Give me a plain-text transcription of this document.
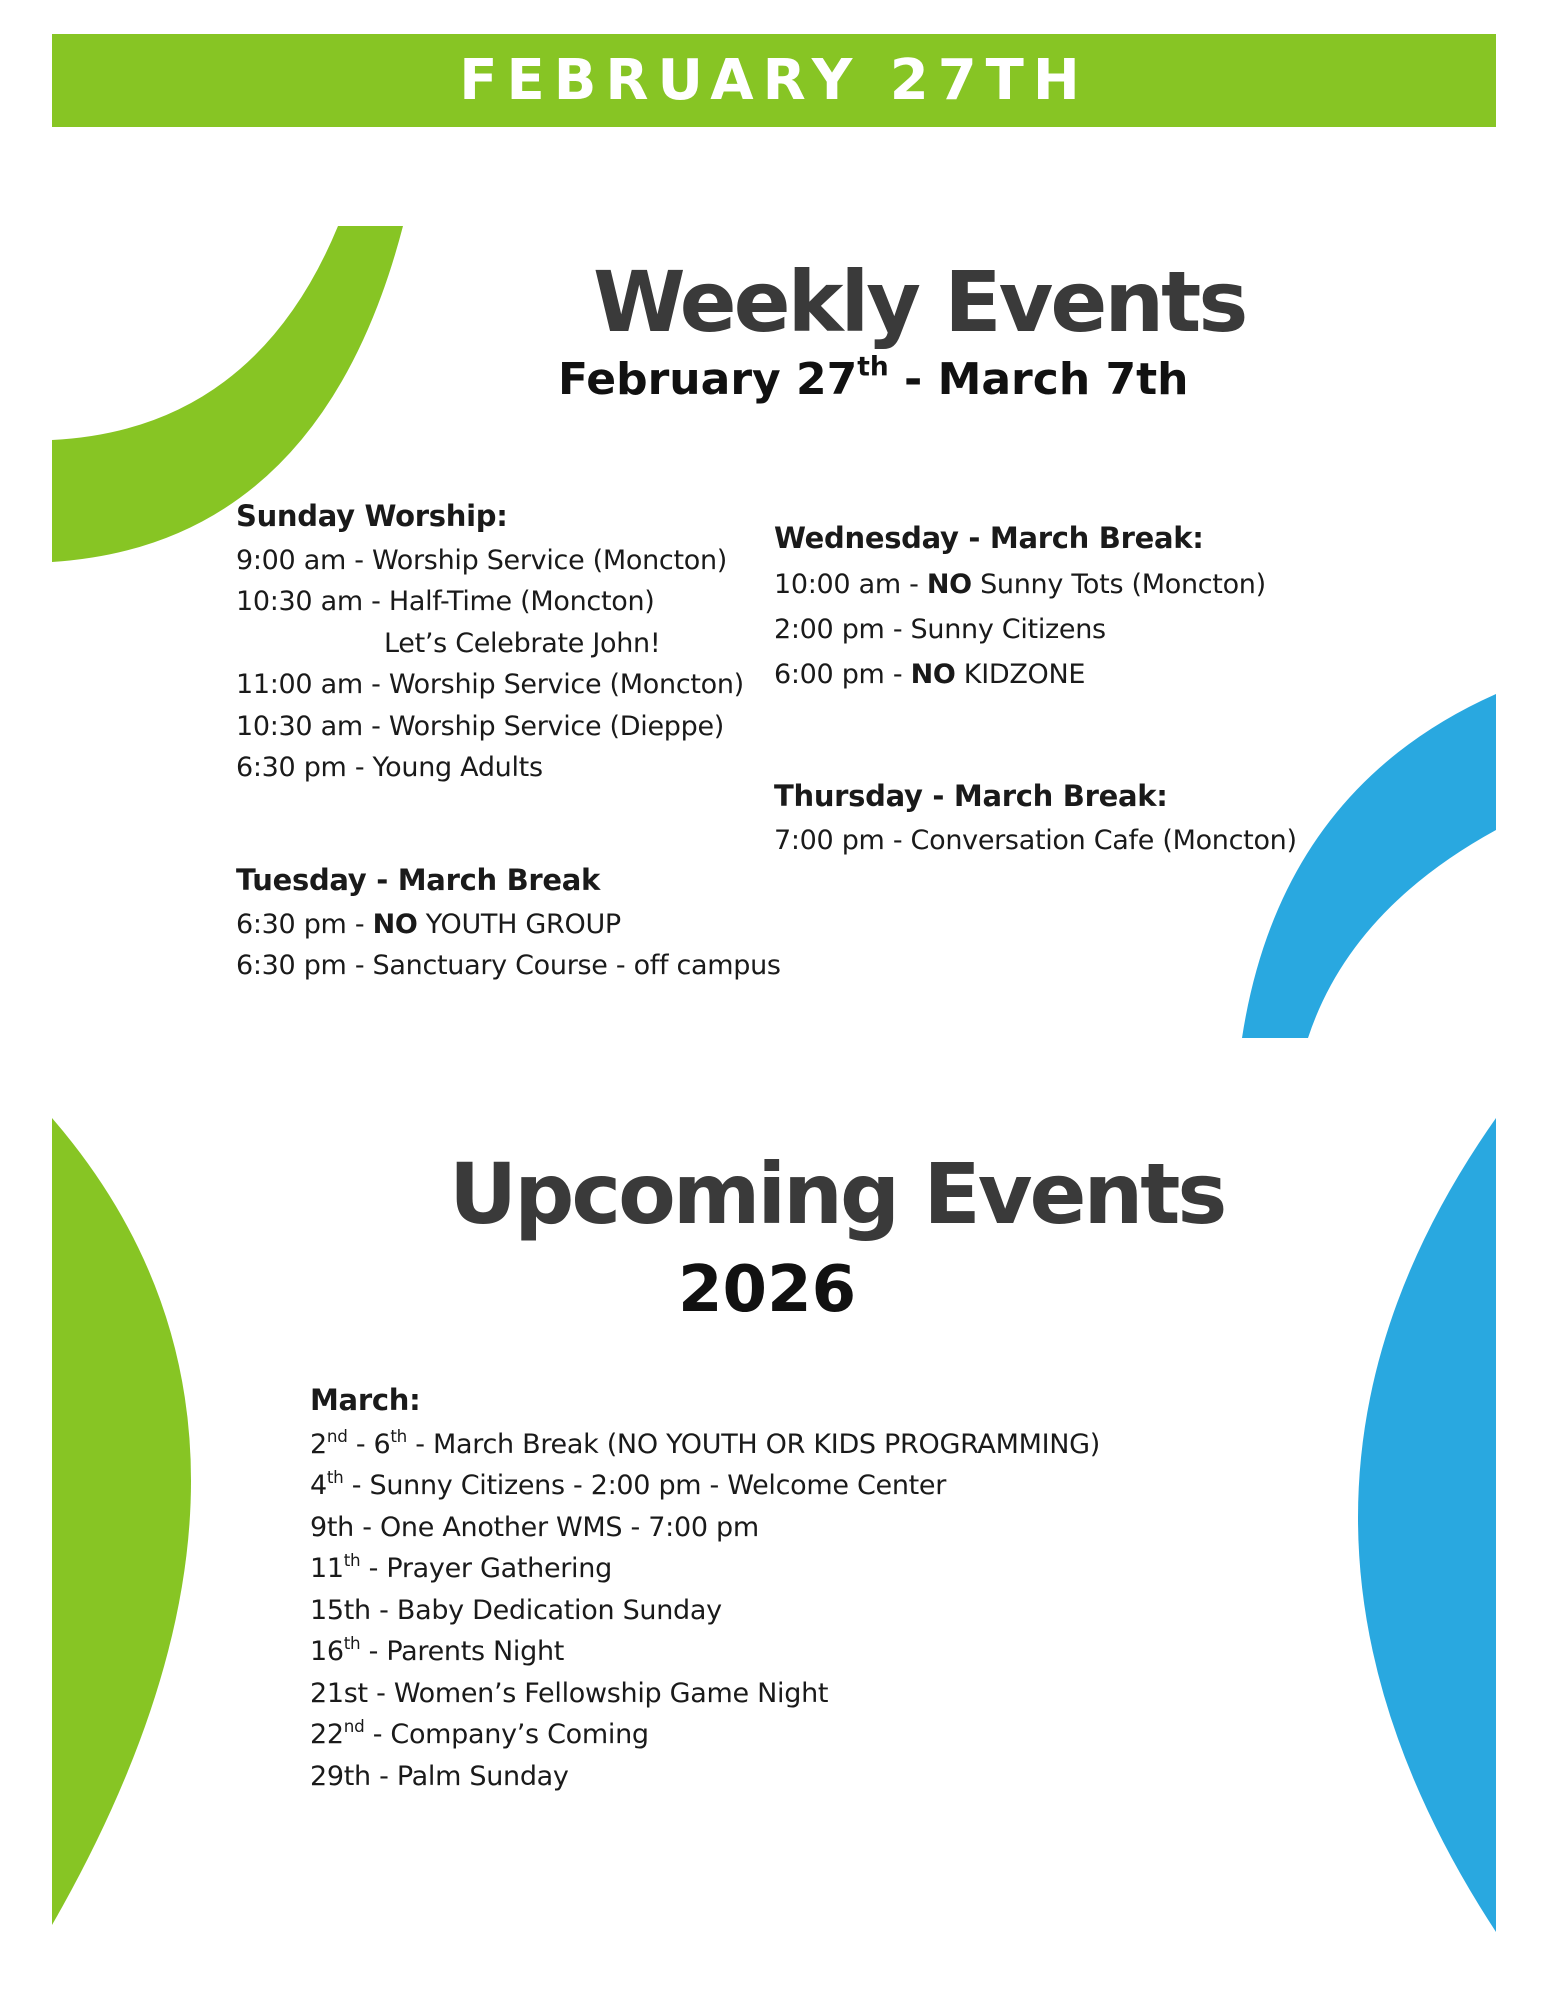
FEBRUARY 27TH
Weekly Events
February 27th - March 7th
Sunday Worship:
9:00 am - Worship Service (Moncton)
10:30 am - Half-Time (Moncton)
Let’s Celebrate John!
11:00 am - Worship Service (Moncton)
10:30 am - Worship Service (Dieppe)
6:30 pm - Young Adults
Tuesday - March Break
6:30 pm - NO YOUTH GROUP
6:30 pm - Sanctuary Course - off campus
Wednesday - March Break:
10:00 am - NO Sunny Tots (Moncton)
2:00 pm - Sunny Citizens
6:00 pm - NO KIDZONE
Thursday - March Break:
7:00 pm - Conversation Cafe (Moncton)
Upcoming Events
2026
March:
2nd - 6th - March Break (NO YOUTH OR KIDS PROGRAMMING)
4th - Sunny Citizens - 2:00 pm - Welcome Center
9th - One Another WMS - 7:00 pm
11th - Prayer Gathering
15th - Baby Dedication Sunday
16th - Parents Night
21st - Women’s Fellowship Game Night
22nd - Company’s Coming
29th - Palm Sunday
